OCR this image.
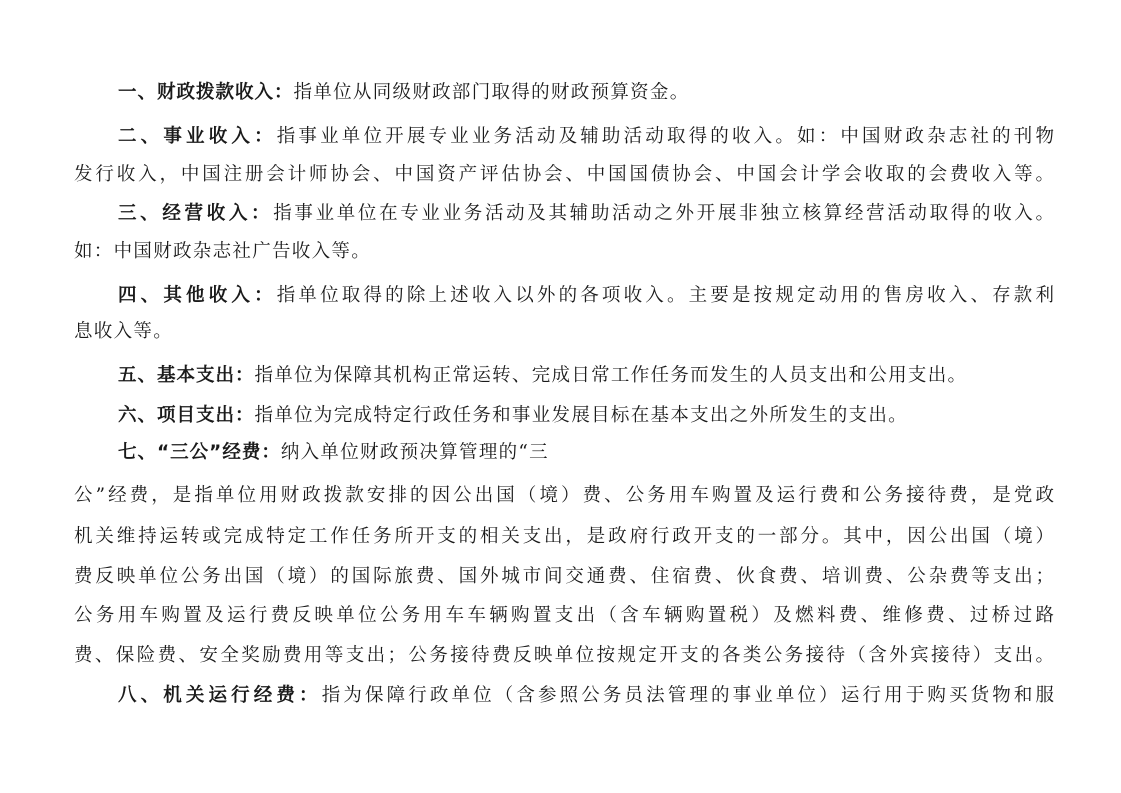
一、财政拨款收入：指单位从同级财政部门取得的财政预算资金。
二、事业收入：指事业单位开展专业业务活动及辅助活动取得的收入。如：中国财政杂志社的刊物
发行收入，中国注册会计师协会、中国资产评估协会、中国国债协会、中国会计学会收取的会费收入等。
三、经营收入：指事业单位在专业业务活动及其辅助活动之外开展非独立核算经营活动取得的收入。
如：中国财政杂志社广告收入等。
四、其他收入：指单位取得的除上述收入以外的各项收入。主要是按规定动用的售房收入、存款利
息收入等。
五、基本支出：指单位为保障其机构正常运转、完成日常工作任务而发生的人员支出和公用支出。
六、项目支出：指单位为完成特定行政任务和事业发展目标在基本支出之外所发生的支出。
七、“三公”经费：纳入单位财政预决算管理的“三
公”经费，是指单位用财政拨款安排的因公出国（境）费、公务用车购置及运行费和公务接待费，是党政
机关维持运转或完成特定工作任务所开支的相关支出，是政府行政开支的一部分。其中，因公出国（境）
费反映单位公务出国（境）的国际旅费、国外城市间交通费、住宿费、伙食费、培训费、公杂费等支出；
公务用车购置及运行费反映单位公务用车车辆购置支出（含车辆购置税）及燃料费、维修费、过桥过路
费、保险费、安全奖励费用等支出；公务接待费反映单位按规定开支的各类公务接待（含外宾接待）支出。
八、机关运行经费：指为保障行政单位（含参照公务员法管理的事业单位）运行用于购买货物和服
